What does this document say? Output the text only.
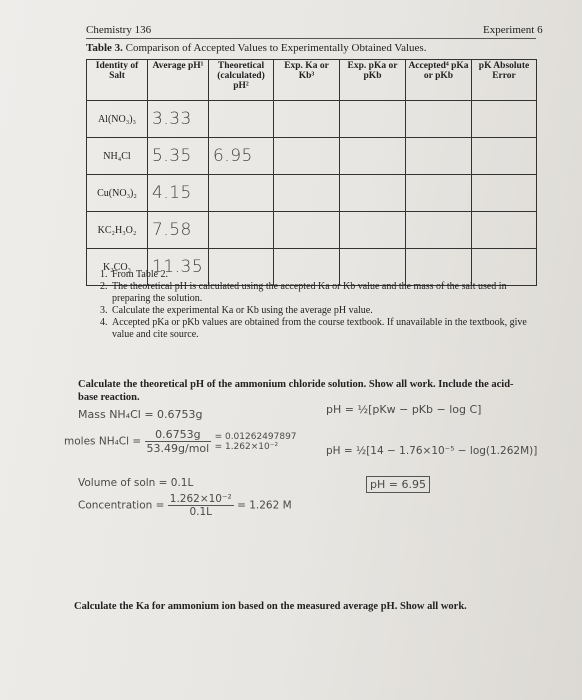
Chemistry 136	Experiment 6
Table 3. Comparison of Accepted Values to Experimentally Obtained Values.
Identity of Salt	Average pH¹	Theoretical (calculated) pH²	Exp. Ka or Kb³	Exp. pKa or pKb	Accepted⁴ pKa or pKb	pK Absolute Error
Al(NO₃)₃	3.33					
NH₄Cl	5.35	6.95				
Cu(NO₃)₂	4.15					
KC₂H₃O₂	7.58					
K₂CO₃	11.35					
1. From Table 2.
2. The theoretical pH is calculated using the accepted Ka or Kb value and the mass of the salt used in preparing the solution.
3. Calculate the experimental Ka or Kb using the average pH value.
4. Accepted pKa or pKb values are obtained from the course textbook. If unavailable in the textbook, give value and cite source.
Calculate the theoretical pH of the ammonium chloride solution. Show all work. Include the acid-base reaction.
Mass NH₄Cl = 0.6753g
moles $NH_4Cl = \frac{0.6753g}{\text{53.49g/mol}}$
= 0.01262497897
= 1.262×10⁻²
Volume of soln = 0.1L
Concentration = $\frac{\text{1.262×10⁻²}}{0.1L} = 1.262$ M
pH = ½[pKw − pKb − log C]
pH = ½[14 − 1.76×10⁻⁵ − log(1.262M)]
pH = 6.95
Calculate the Ka for ammonium ion based on the measured average pH. Show all work.
